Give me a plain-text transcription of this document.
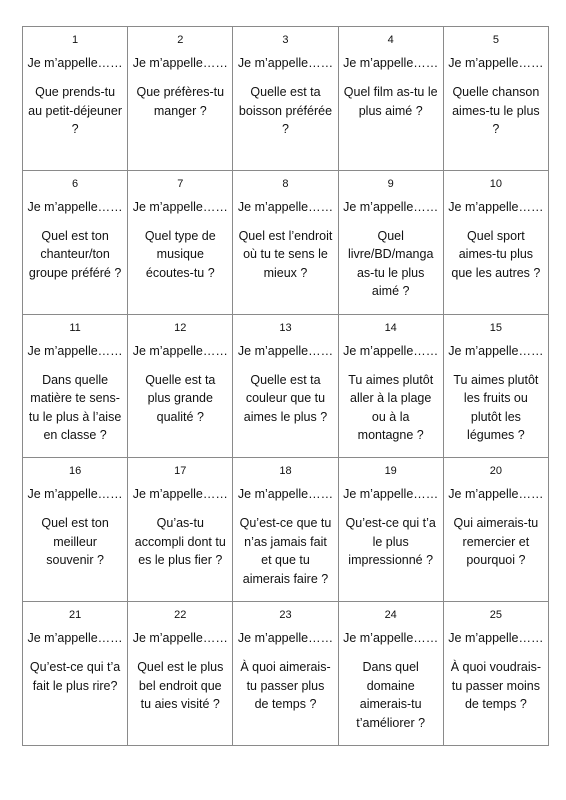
1
Je m’appelle……
Que prends-tu au petit-déjeuner ?
2
Je m’appelle……
Que préfères-tu manger ?
3
Je m’appelle……
Quelle est ta boisson préférée ?
4
Je m’appelle……
Quel film as-tu le plus aimé ?
5
Je m’appelle……
Quelle chanson aimes-tu le plus ?
6
Je m’appelle……
Quel est ton chanteur/ton groupe préféré ?
7
Je m’appelle……
Quel type de musique écoutes-tu ?
8
Je m’appelle……
Quel est l’endroit où tu te sens le mieux ?
9
Je m’appelle……
Quel livre/BD/manga as-tu le plus aimé ?
10
Je m’appelle……
Quel sport aimes-tu plus que les autres ?
11
Je m’appelle……
Dans quelle matière te sens-tu le plus à l’aise en classe ?
12
Je m’appelle……
Quelle est ta plus grande qualité ?
13
Je m’appelle……
Quelle est ta couleur que tu aimes le plus ?
14
Je m’appelle……
Tu aimes plutôt aller à la plage ou à la montagne ?
15
Je m’appelle……
Tu aimes plutôt les fruits ou plutôt les légumes ?
16
Je m’appelle……
Quel est ton meilleur souvenir ?
17
Je m’appelle……
Qu’as-tu accompli dont tu es le plus fier ?
18
Je m’appelle……
Qu’est-ce que tu n’as jamais fait et que tu aimerais faire ?
19
Je m’appelle……
Qu’est-ce qui t’a le plus impressionné ?
20
Je m’appelle……
Qui aimerais-tu remercier et pourquoi ?
21
Je m’appelle……
Qu’est-ce qui t’a fait le plus rire?
22
Je m’appelle……
Quel est le plus bel endroit que tu aies visité ?
23
Je m’appelle……
À quoi aimerais-tu passer plus de temps ?
24
Je m’appelle……
Dans quel domaine aimerais-tu t’améliorer ?
25
Je m’appelle……
À quoi voudrais-tu passer moins de temps ?
